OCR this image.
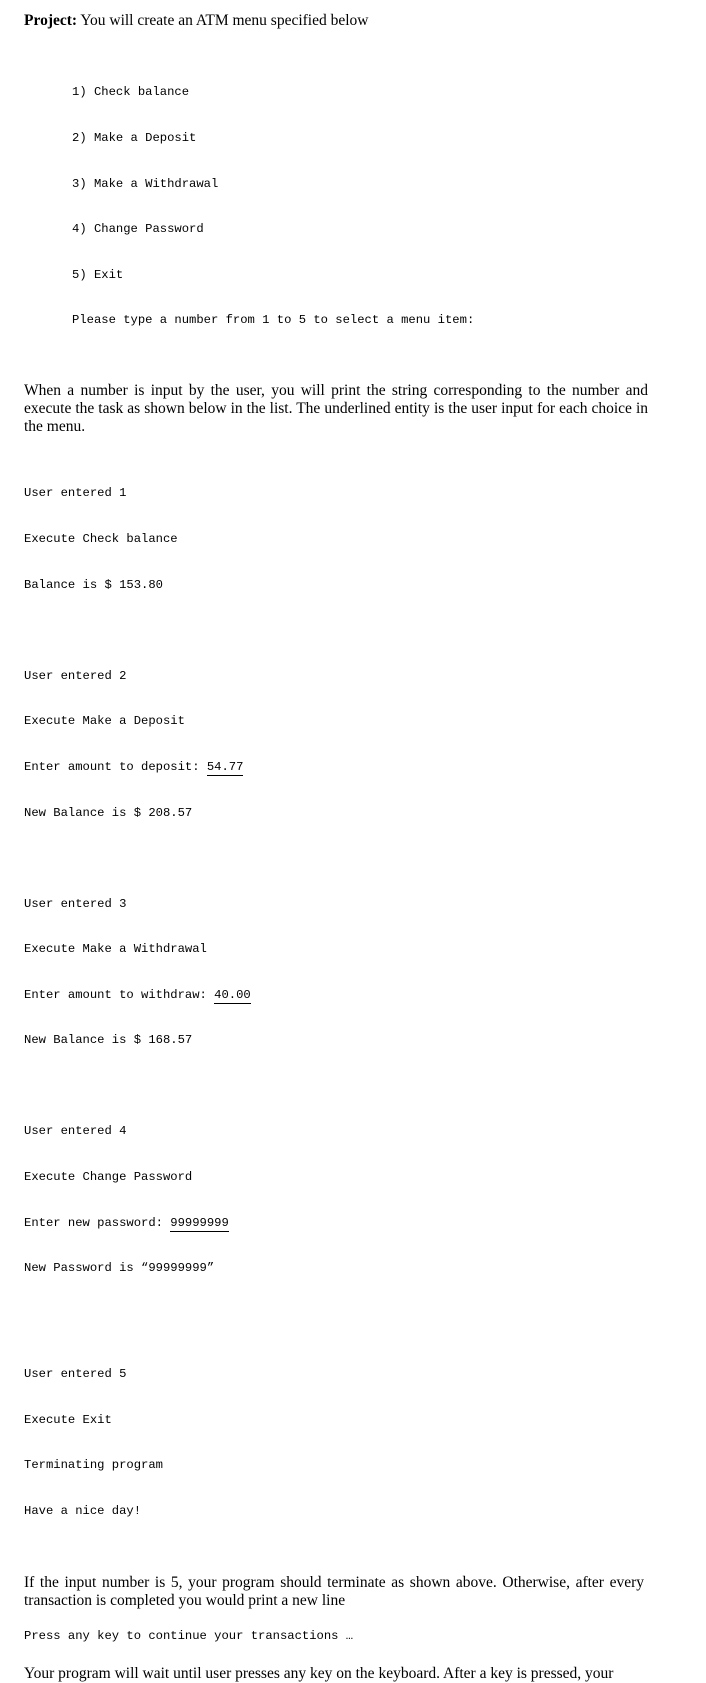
Project: You will create an ATM menu specified below

1) Check balance

2) Make a Deposit

3) Make a Withdrawal

4) Change Password

5) Exit

Please type a number from 1 to 5 to select a menu item:

When a number is input by the user, you will print the string corresponding to the number and execute the task as shown below in the list. The underlined entity is the user input for each choice in the menu.

User entered 1

Execute Check balance

Balance is $ 153.80

User entered 2

Execute Make a Deposit

Enter amount to deposit: 54.77

New Balance is $ 208.57

User entered 3

Execute Make a Withdrawal

Enter amount to withdraw: 40.00

New Balance is $ 168.57

User entered 4

Execute Change Password

Enter new password: 99999999

New Password is “99999999”

User entered 5

Execute Exit

Terminating program

Have a nice day!

If the input number is 5, your program should terminate as shown above. Otherwise, after every transaction is completed you would print a new line

Press any key to continue your transactions …

Your program will wait until user presses any key on the keyboard. After a key is pressed, your
